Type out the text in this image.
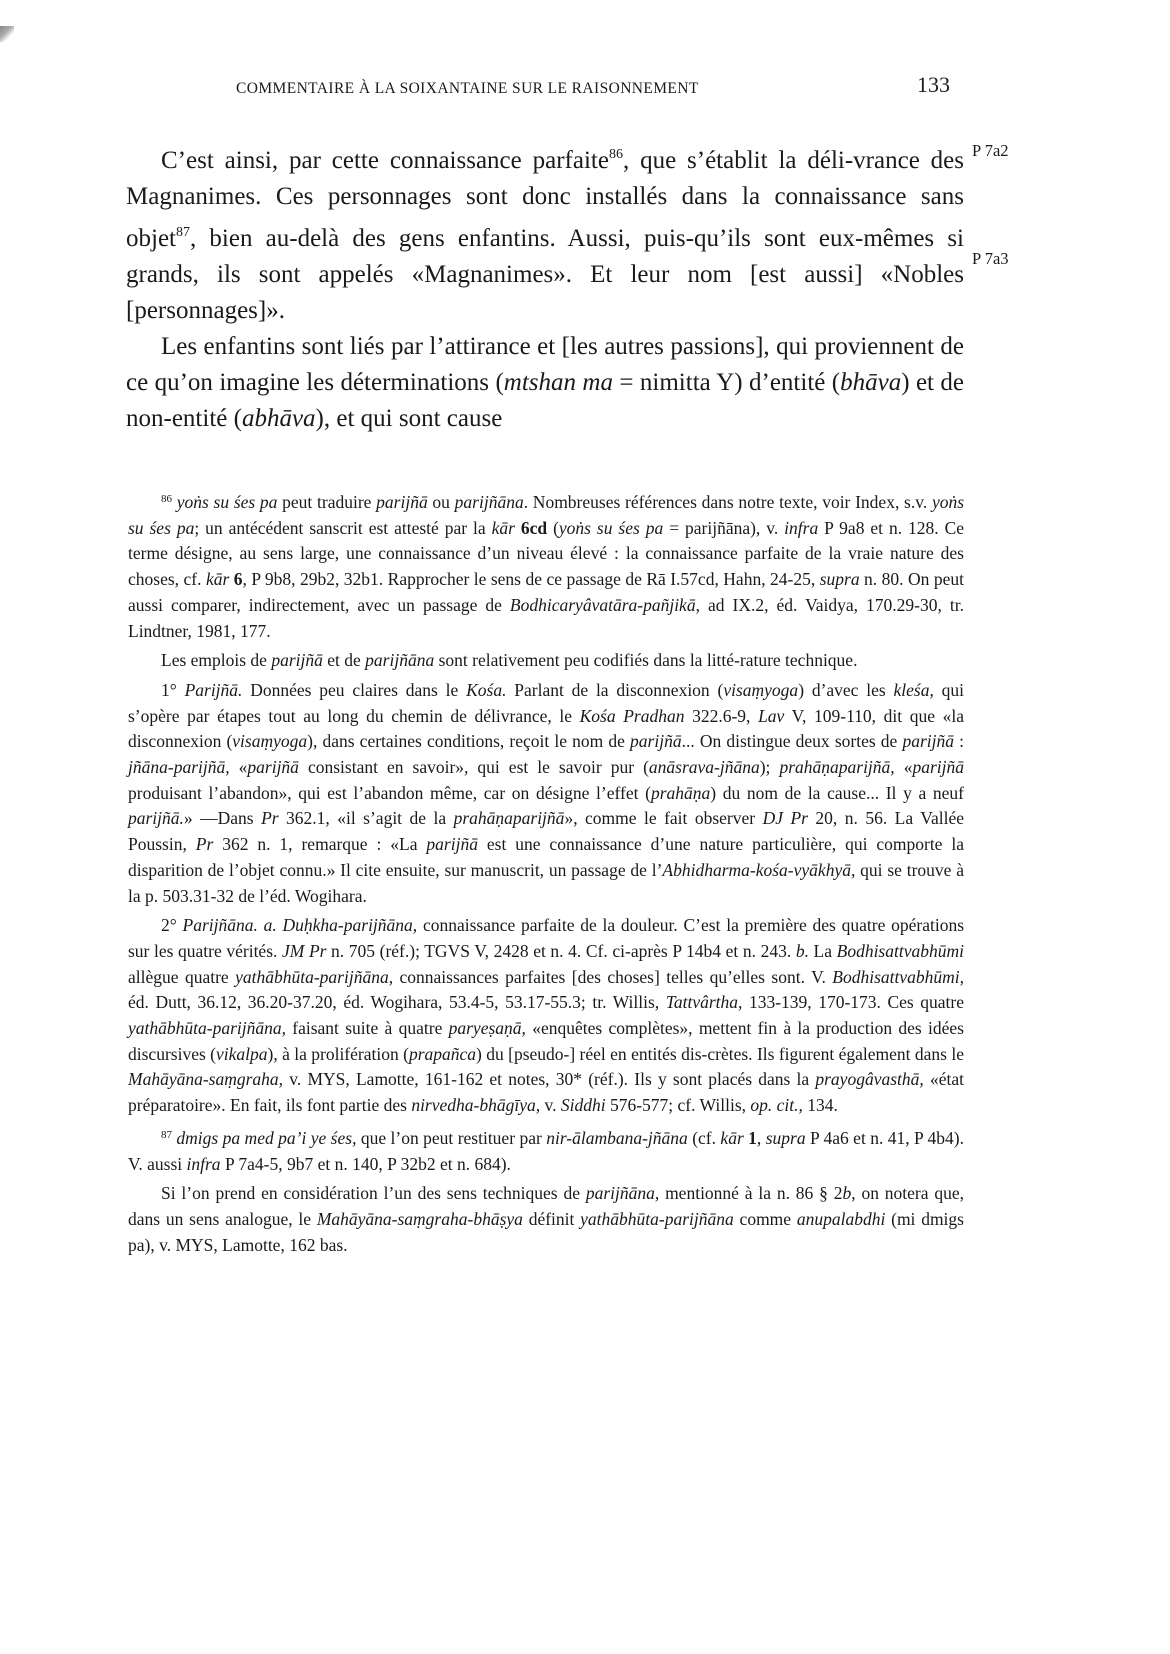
COMMENTAIRE À LA SOIXANTAINE SUR LE RAISONNEMENT	133
P 7a2
P 7a3

C’est ainsi, par cette connaissance parfaite$^{86}$, que s’établit la déli-vrance des Magnanimes. Ces personnages sont donc installés dans la connaissance sans objet$^{87}$, bien au-delà des gens enfantins. Aussi, puis-qu’ils sont eux-mêmes si grands, ils sont appelés «Magnanimes». Et leur nom [est aussi] «Nobles [personnages]».

Les enfantins sont liés par l’attirance et [les autres passions], qui proviennent de ce qu’on imagine les déterminations (mtshan ma = nimitta Y) d’entité (bhāva) et de non-entité (abhāva), et qui sont cause

$^{86}$ yoṅs su śes pa peut traduire parijñā ou parijñāna. Nombreuses références dans notre texte, voir Index, s.v. yoṅs su śes pa; un antécédent sanscrit est attesté par la kār 6cd (yoṅs su śes pa = parijñāna), v. infra P 9a8 et n. 128. Ce terme désigne, au sens large, une connaissance d’un niveau élevé : la connaissance parfaite de la vraie nature des choses, cf. kār 6, P 9b8, 29b2, 32b1. Rapprocher le sens de ce passage de Rā I.57cd, Hahn, 24-25, supra n. 80. On peut aussi comparer, indirectement, avec un passage de Bodhicaryâvatāra-pañjikā, ad IX.2, éd. Vaidya, 170.29-30, tr. Lindtner, 1981, 177.

Les emplois de parijñā et de parijñāna sont relativement peu codifiés dans la litté-rature technique.

1° Parijñā. Données peu claires dans le Kośa. Parlant de la disconnexion (visaṃyoga) d’avec les kleśa, qui s’opère par étapes tout au long du chemin de délivrance, le Kośa Pradhan 322.6-9, Lav V, 109-110, dit que «la disconnexion (visaṃyoga), dans certaines conditions, reçoit le nom de parijñā... On distingue deux sortes de parijñā : jñāna-parijñā, «parijñā consistant en savoir», qui est le savoir pur (anāsrava-jñāna); prahāṇaparijñā, «parijñā produisant l’abandon», qui est l’abandon même, car on désigne l’effet (prahāṇa) du nom de la cause... Il y a neuf parijñā.» —Dans Pr 362.1, «il s’agit de la prahāṇaparijñā», comme le fait observer DJ Pr 20, n. 56. La Vallée Poussin, Pr 362 n. 1, remarque : «La parijñā est une connaissance d’une nature particulière, qui comporte la disparition de l’objet connu.» Il cite ensuite, sur manuscrit, un passage de l’Abhidharma-kośa-vyākhyā, qui se trouve à la p. 503.31-32 de l’éd. Wogihara.

2° Parijñāna. a. Duḥkha-parijñāna, connaissance parfaite de la douleur. C’est la première des quatre opérations sur les quatre vérités. JM Pr n. 705 (réf.); TGVS V, 2428 et n. 4. Cf. ci-après P 14b4 et n. 243. b. La Bodhisattvabhūmi allègue quatre yathābhūta-parijñāna, connaissances parfaites [des choses] telles qu’elles sont. V. Bodhisattvabhūmi, éd. Dutt, 36.12, 36.20-37.20, éd. Wogihara, 53.4-5, 53.17-55.3; tr. Willis, Tattvârtha, 133-139, 170-173. Ces quatre yathābhūta-parijñāna, faisant suite à quatre paryeṣaṇā, «enquêtes complètes», mettent fin à la production des idées discursives (vikalpa), à la prolifération (prapañca) du [pseudo-] réel en entités dis-crètes. Ils figurent également dans le Mahāyāna-saṃgraha, v. MYS, Lamotte, 161-162 et notes, 30* (réf.). Ils y sont placés dans la prayogâvasthā, «état préparatoire». En fait, ils font partie des nirvedha-bhāgīya, v. Siddhi 576-577; cf. Willis, op. cit., 134.

$^{87}$ dmigs pa med pa’i ye śes, que l’on peut restituer par nir-ālambana-jñāna (cf. kār 1, supra P 4a6 et n. 41, P 4b4). V. aussi infra P 7a4-5, 9b7 et n. 140, P 32b2 et n. 684).

Si l’on prend en considération l’un des sens techniques de parijñāna, mentionné à la n. 86 § 2b, on notera que, dans un sens analogue, le Mahāyāna-saṃgraha-bhāṣya définit yathābhūta-parijñāna comme anupalabdhi (mi dmigs pa), v. MYS, Lamotte, 162 bas.
